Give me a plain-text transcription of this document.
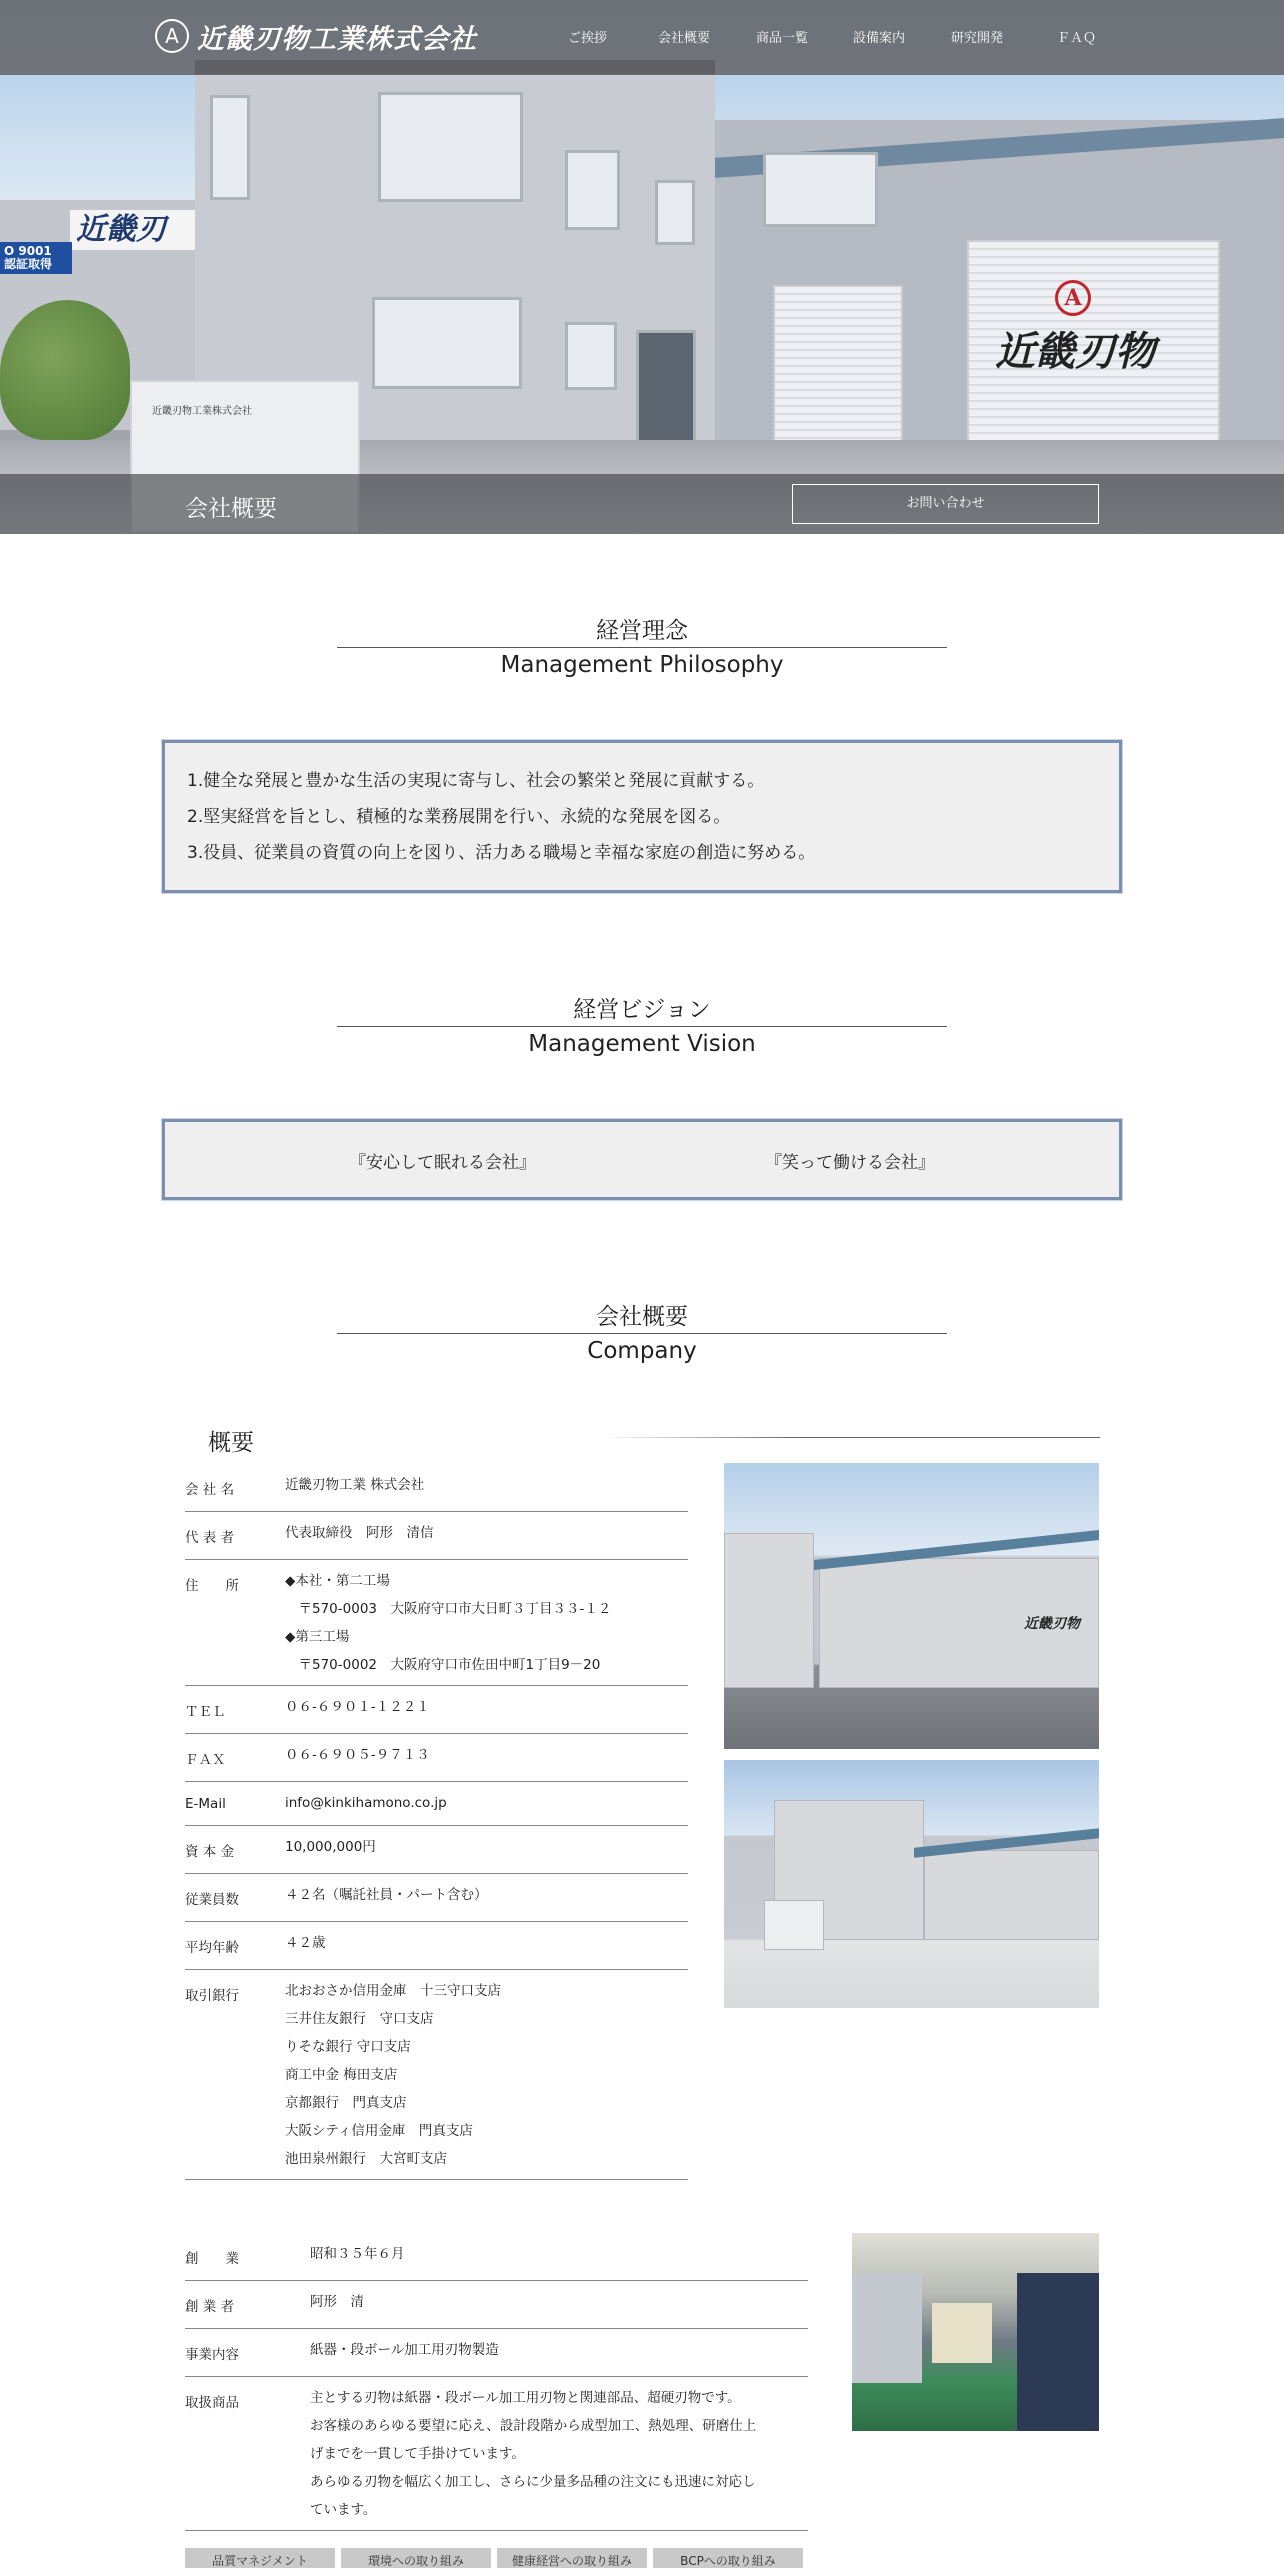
近畿刃
O 9001
認証取得
A
近畿刃物
近畿刃物工業株式会社
A 近畿刃物工業株式会社	ご挨拶	会社概要	商品一覧	設備案内	研究開発	ＦＡＱ
会社概要	お問い合わせ
経営理念
Management Philosophy
1.健全な発展と豊かな生活の実現に寄与し、社会の繁栄と発展に貢献する。
2.堅実経営を旨とし、積極的な業務展開を行い、永続的な発展を図る。
3.役員、従業員の資質の向上を図り、活力ある職場と幸福な家庭の創造に努める。
経営ビジョン
Management Vision
『安心して眠れる会社』	『笑って働ける会社』
会社概要
Company
概要
会 社 名	近畿刃物工業 株式会社
代 表 者	代表取締役　阿形　清信
住　　所	◆本社・第二工場
　〒570-0003　大阪府守口市大日町３丁目３３-１２
◆第三工場
　〒570-0002　大阪府守口市佐田中町1丁目9－20
ＴＥＬ	０６-６９０１-１２２１
ＦＡＸ	０６-６９０５-９７１３
E-Mail	info@kinkihamono.co.jp
資 本 金	10,000,000円
従業員数	４２名（嘱託社員・パート含む）
平均年齢	４２歳
取引銀行	北おおさか信用金庫　十三守口支店
三井住友銀行　守口支店
りそな銀行 守口支店
商工中金 梅田支店
京都銀行　門真支店
大阪シティ信用金庫　門真支店
池田泉州銀行　大宮町支店
近畿刃物
創　　業	昭和３５年６月
創 業 者	阿形　清
事業内容	紙器・段ボール加工用刃物製造
取扱商品	主とする刃物は紙器・段ボール加工用刃物と関連部品、超硬刃物です。
お客様のあらゆる要望に応え、設計段階から成型加工、熱処理、研磨仕上
げまでを一貫して手掛けています。
あらゆる刃物を幅広く加工し、さらに少量多品種の注文にも迅速に対応し
ています。
品質マネジメント	環境への取り組み	健康経営への取り組み	BCPへの取り組み
